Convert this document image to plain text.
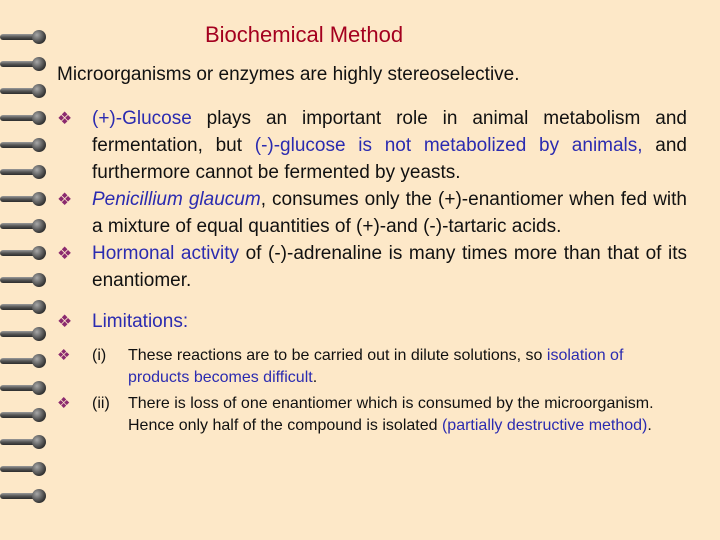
Biochemical Method

Microorganisms or enzymes are highly stereoselective.

❖	(+)-Glucose plays an important role in animal metabolism and fermentation, but (-)-glucose is not metabolized by animals, and furthermore cannot be fermented by yeasts.
❖	Penicillium glaucum, consumes only the (+)-enantiomer when fed with a mixture of equal quantities of (+)-and (-)-tartaric acids.
❖	Hormonal activity of (-)-adrenaline is many times more than that of its enantiomer.
❖	Limitations:
❖	(i)	These reactions are to be carried out in dilute solutions, so isolation of products becomes difficult.
❖	(ii)	There is loss of one enantiomer which is consumed by the microorganism. Hence only half of the compound is isolated (partially destructive method).
